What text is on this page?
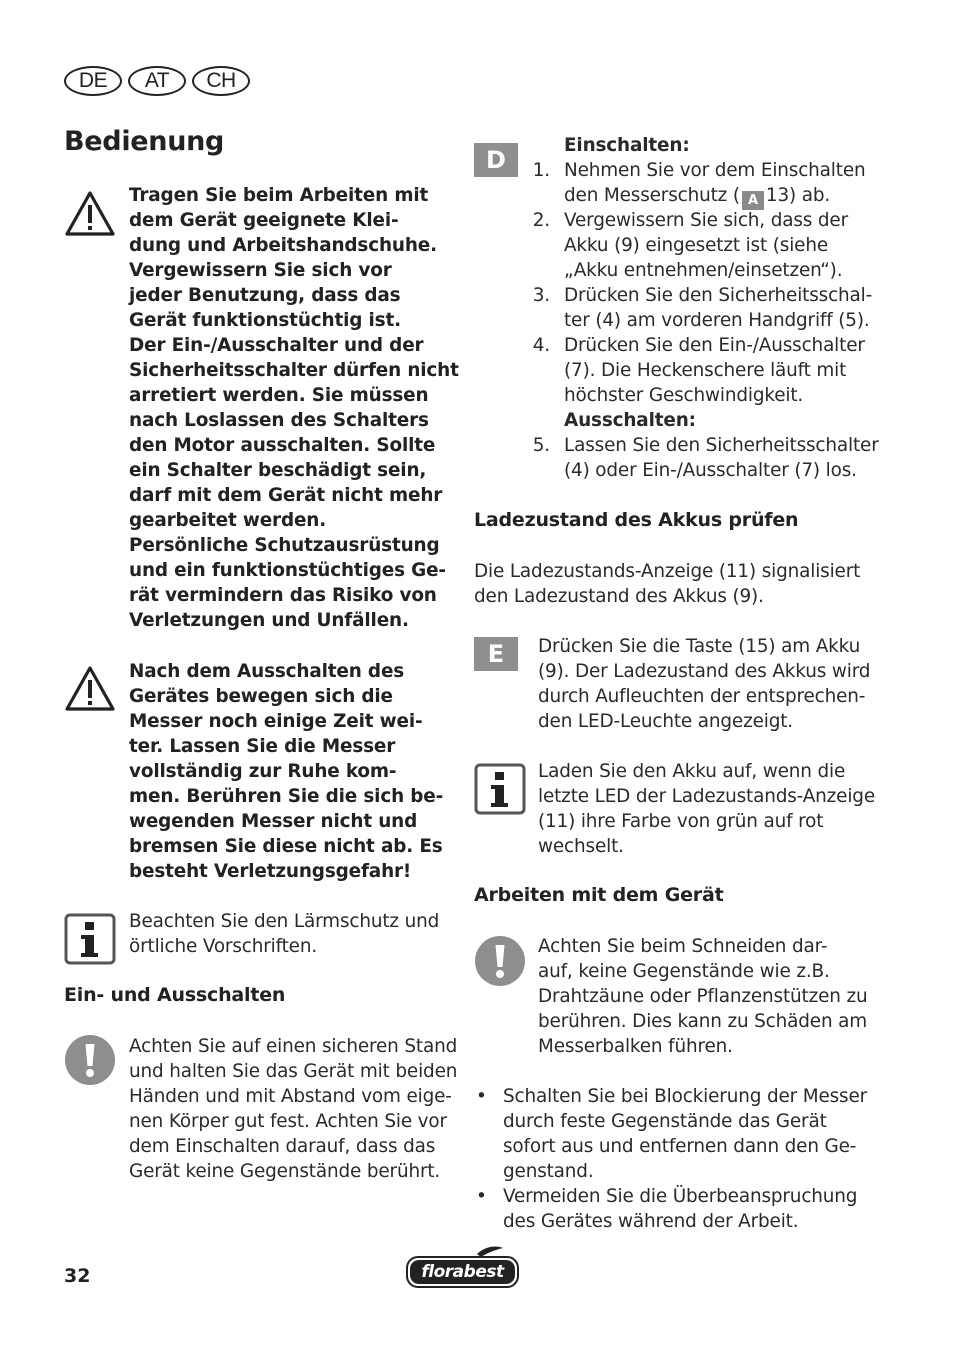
DE	AT	CH
Bedienung

Tragen Sie beim Arbeiten mit

dem Gerät geeignete Klei-

dung und Arbeitshandschuhe.

Vergewissern Sie sich vor

jeder Benutzung, dass das

Gerät funktionstüchtig ist.

Der Ein-/Ausschalter und der

Sicherheitsschalter dürfen nicht

arretiert werden. Sie müssen

nach Loslassen des Schalters

den Motor ausschalten. Sollte

ein Schalter beschädigt sein,

darf mit dem Gerät nicht mehr

gearbeitet werden.

Persönliche Schutzausrüstung

und ein funktionstüchtiges Ge-

rät vermindern das Risiko von

Verletzungen und Unfällen.

Nach dem Ausschalten des

Gerätes bewegen sich die

Messer noch einige Zeit wei-

ter. Lassen Sie die Messer

vollständig zur Ruhe kom-

men. Berühren Sie die sich be-

wegenden Messer nicht und

bremsen Sie diese nicht ab. Es

besteht Verletzungsgefahr!

Beachten Sie den Lärmschutz und

örtliche Vorschriften.

Ein- und Ausschalten

Achten Sie auf einen sicheren Stand

und halten Sie das Gerät mit beiden

Händen und mit Abstand vom eige-

nen Körper gut fest. Achten Sie vor

dem Einschalten darauf, dass das

Gerät keine Gegenstände berührt.

D
Einschalten:
1. Nehmen Sie vor dem Einschalten
den Messerschutz ( A 13) ab.
2. Vergewissern Sie sich, dass der
Akku (9) eingesetzt ist (siehe
„Akku entnehmen/einsetzen“).
3. Drücken Sie den Sicherheitsschal-
ter (4) am vorderen Handgriff (5).
4. Drücken Sie den Ein-/Ausschalter
(7). Die Heckenschere läuft mit
höchster Geschwindigkeit.
Ausschalten:
5. Lassen Sie den Sicherheitsschalter
(4) oder Ein-/Ausschalter (7) los.
Ladezustand des Akkus prüfen

Die Ladezustands-Anzeige (11) signalisiert

den Ladezustand des Akkus (9).

E	Drücken Sie die Taste (15) am Akku

(9). Der Ladezustand des Akkus wird

durch Aufleuchten der entsprechen-

den LED-Leuchte angezeigt.

Laden Sie den Akku auf, wenn die

letzte LED der Ladezustands-Anzeige

(11) ihre Farbe von grün auf rot

wechselt.

Arbeiten mit dem Gerät

Achten Sie beim Schneiden dar-

auf, keine Gegenstände wie z.B.

Drahtzäune oder Pflanzenstützen zu

berühren. Dies kann zu Schäden am

Messerbalken führen.

• Schalten Sie bei Blockierung der Messer

durch feste Gegenstände das Gerät

sofort aus und entfernen dann den Ge-

genstand.

• Vermeiden Sie die Überbeanspruchung

des Gerätes während der Arbeit.

32	florabest
